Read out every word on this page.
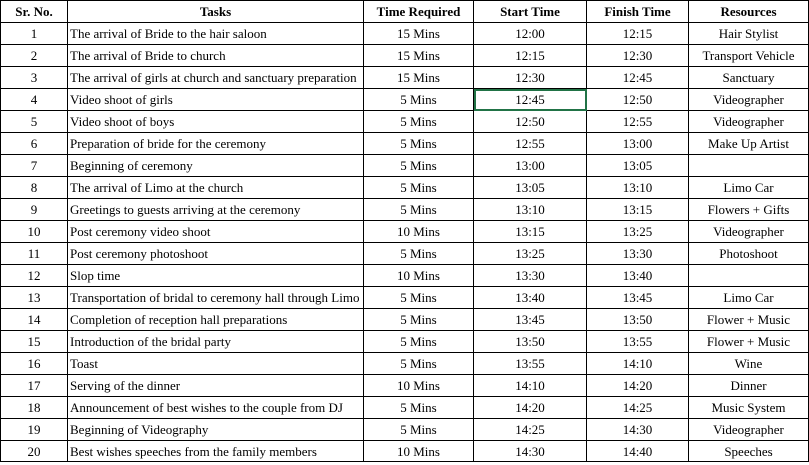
Sr. No.	Tasks	Time Required	Start Time	Finish Time	Resources
1	The arrival of Bride to the hair saloon	15 Mins	12:00	12:15	Hair Stylist
2	The arrival of Bride to church	15 Mins	12:15	12:30	Transport Vehicle
3	The arrival of girls at church and sanctuary preparation	15 Mins	12:30	12:45	Sanctuary
4	Video shoot of girls	5 Mins	12:45	12:50	Videographer
5	Video shoot of boys	5 Mins	12:50	12:55	Videographer
6	Preparation of bride for the ceremony	5 Mins	12:55	13:00	Make Up Artist
7	Beginning of ceremony	5 Mins	13:00	13:05	
8	The arrival of Limo at the church	5 Mins	13:05	13:10	Limo Car
9	Greetings to guests arriving at the ceremony	5 Mins	13:10	13:15	Flowers + Gifts
10	Post ceremony video shoot	10 Mins	13:15	13:25	Videographer
11	Post ceremony photoshoot	5 Mins	13:25	13:30	Photoshoot
12	Slop time	10 Mins	13:30	13:40	
13	Transportation of bridal to ceremony hall through Limo	5 Mins	13:40	13:45	Limo Car
14	Completion of reception hall preparations	5 Mins	13:45	13:50	Flower + Music
15	Introduction of the bridal party	5 Mins	13:50	13:55	Flower + Music
16	Toast	5 Mins	13:55	14:10	Wine
17	Serving of the dinner	10 Mins	14:10	14:20	Dinner
18	Announcement of best wishes to the couple from DJ	5 Mins	14:20	14:25	Music System
19	Beginning of Videography	5 Mins	14:25	14:30	Videographer
20	Best wishes speeches from the family members	10 Mins	14:30	14:40	Speeches
